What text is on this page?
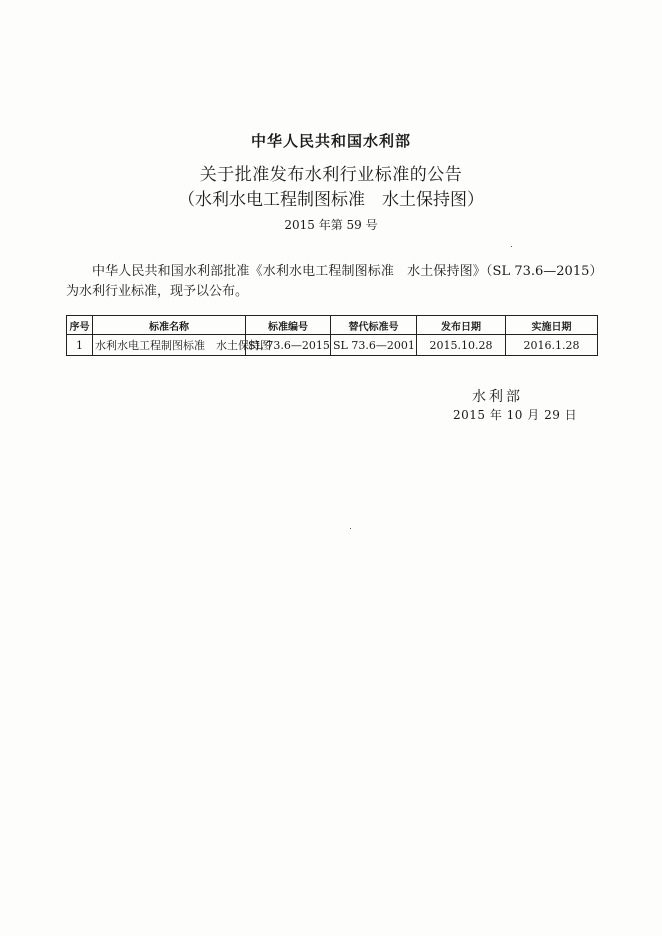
中华人民共和国水利部
关于批准发布水利行业标准的公告
（水利水电工程制图标准　水土保持图）
2015 年第 59 号
中华人民共和国水利部批准《水利水电工程制图标准　水土保持图》（SL 73.6—2015）为水利行业标准，现予以公布。
序号	标准名称	标准编号	替代标准号	发布日期	实施日期
1	水利水电工程制图标准　水土保持图	SL 73.6—2015	SL 73.6—2001	2015.10.28	2016.1.28
水利部
2015 年 10 月 29 日
